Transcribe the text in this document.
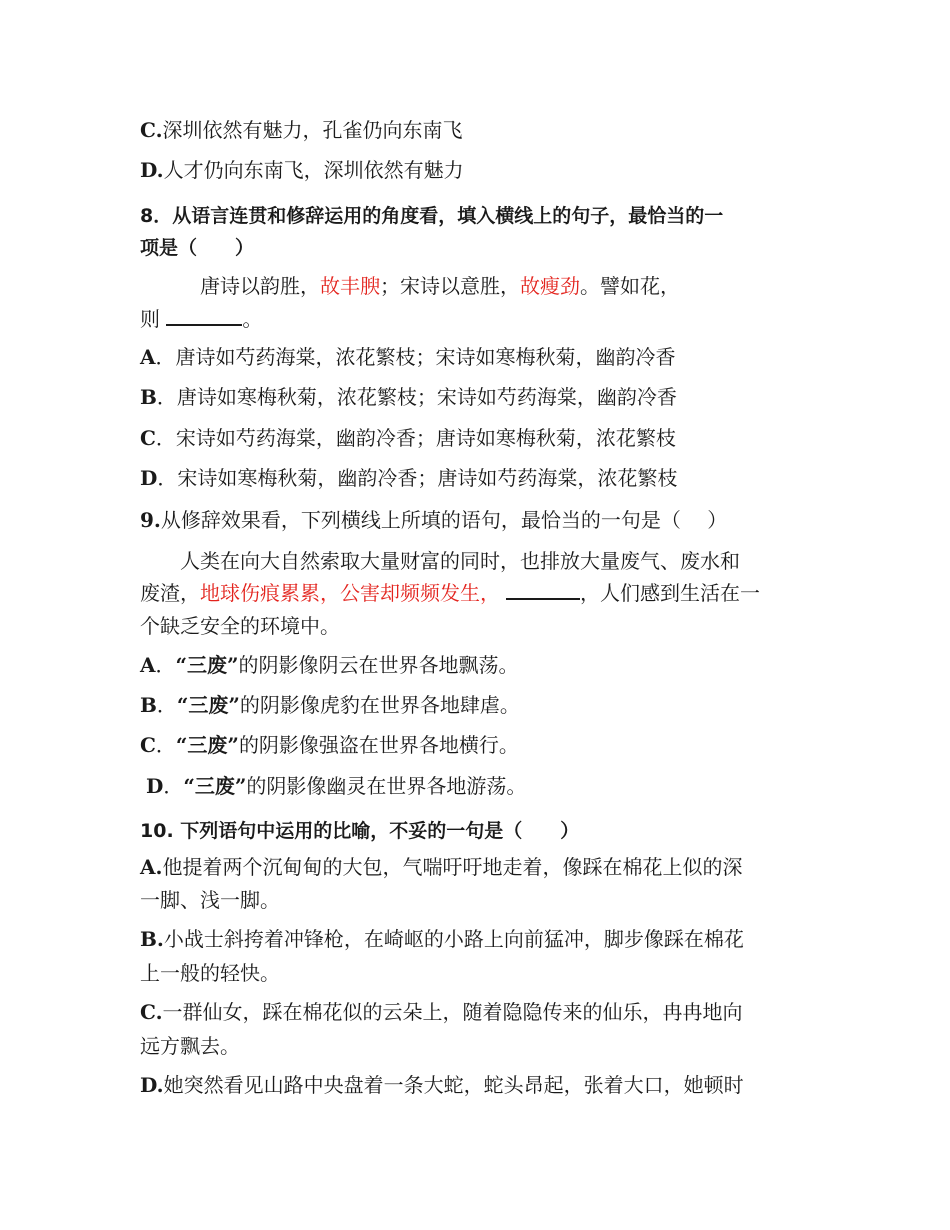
C.深圳依然有魅力，孔雀仍向东南飞
D.人才仍向东南飞，深圳依然有魅力
8．从语言连贯和修辞运用的角度看，填入横线上的句子，最恰当的一
项是（　　）
唐诗以韵胜，故丰腴；宋诗以意胜，故瘦劲。譬如花，
则	。
A．唐诗如芍药海棠，浓花繁枝；宋诗如寒梅秋菊，幽韵冷香
B．唐诗如寒梅秋菊，浓花繁枝；宋诗如芍药海棠，幽韵冷香
C．宋诗如芍药海棠，幽韵冷香；唐诗如寒梅秋菊，浓花繁枝
D．宋诗如寒梅秋菊，幽韵冷香；唐诗如芍药海棠，浓花繁枝
9.从修辞效果看，下列横线上所填的语句，最恰当的一句是（　 ）
人类在向大自然索取大量财富的同时，也排放大量废气、废水和
废渣，地球伤痕累累，公害却频频发生，	，人们感到生活在一
个缺乏安全的环境中。
A．“三废”的阴影像阴云在世界各地飘荡。
B．“三废”的阴影像虎豹在世界各地肆虐。
C．“三废”的阴影像强盗在世界各地横行。
D．“三废”的阴影像幽灵在世界各地游荡。
10. 下列语句中运用的比喻，不妥的一句是（　　）
A.他提着两个沉甸甸的大包，气喘吁吁地走着，像踩在棉花上似的深
一脚、浅一脚。
B.小战士斜挎着冲锋枪，在崎岖的小路上向前猛冲，脚步像踩在棉花
上一般的轻快。
C.一群仙女，踩在棉花似的云朵上，随着隐隐传来的仙乐，冉冉地向
远方飘去。
D.她突然看见山路中央盘着一条大蛇，蛇头昂起，张着大口，她顿时
